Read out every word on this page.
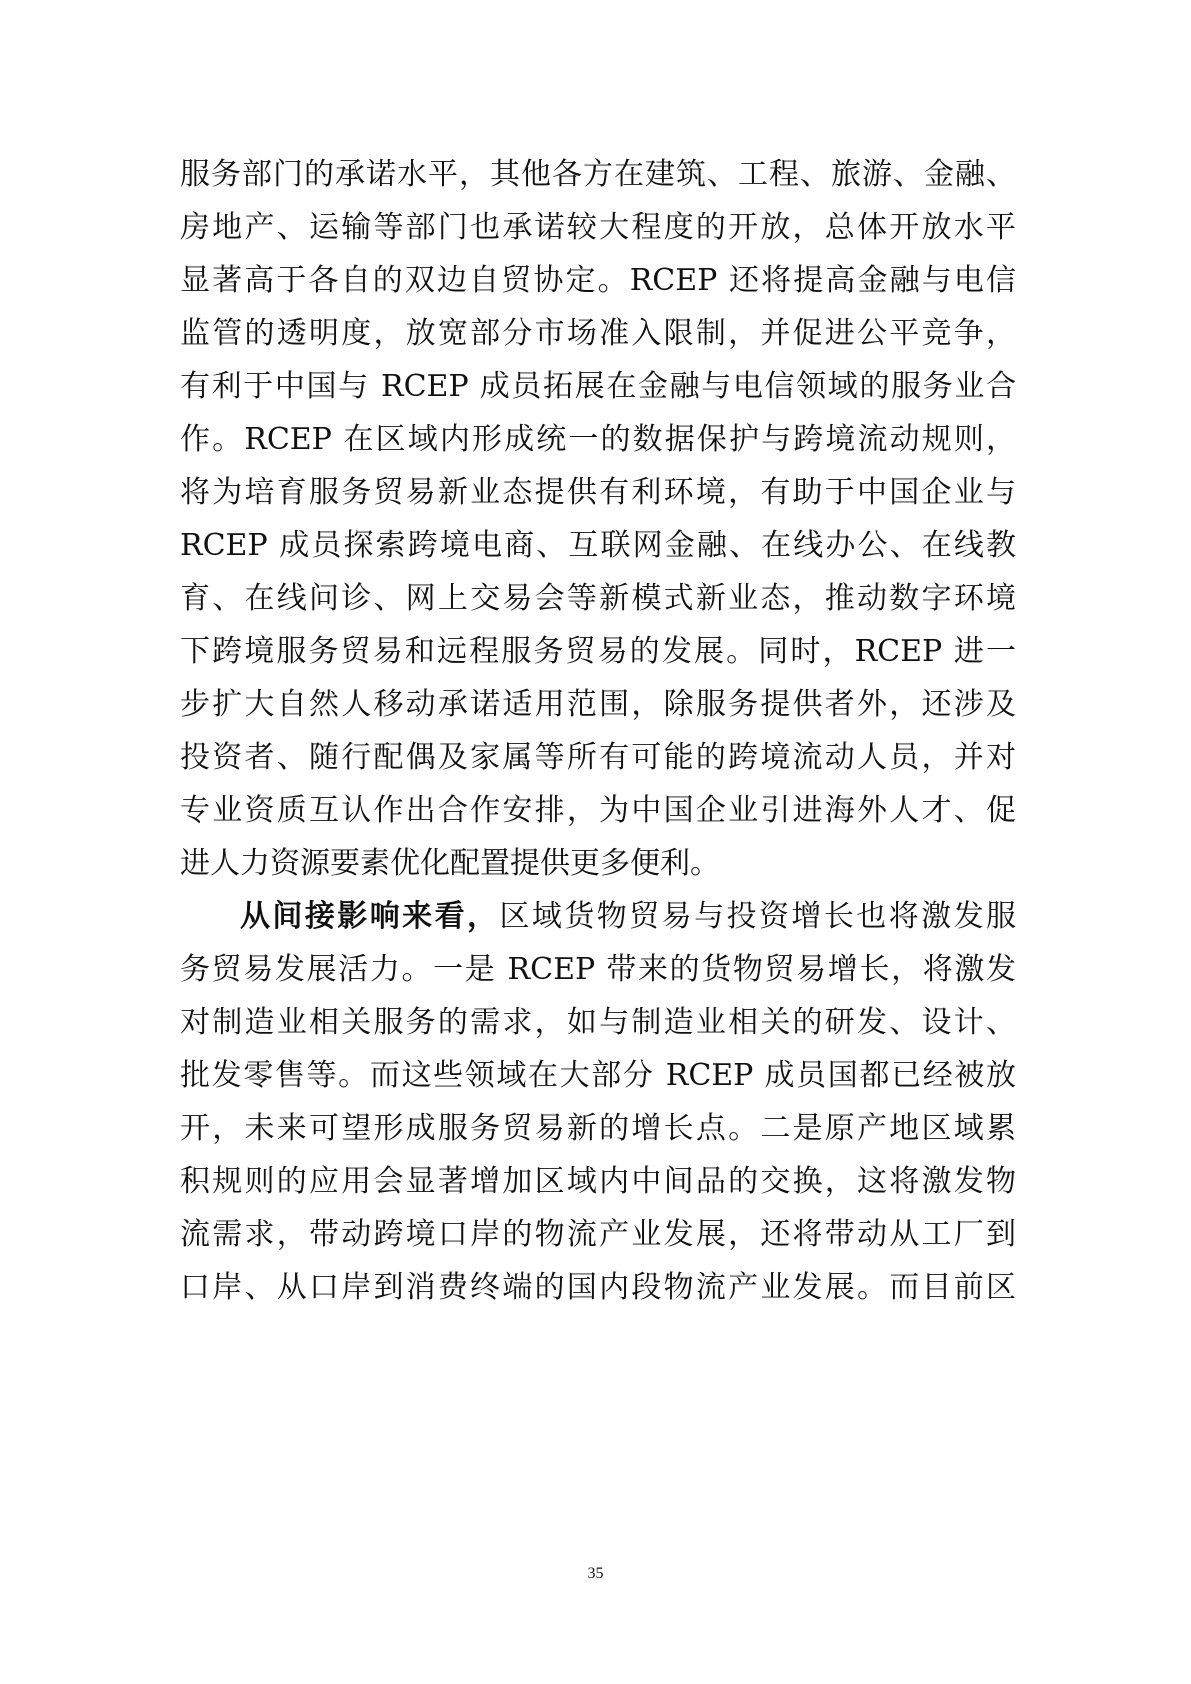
服务部门的承诺水平，其他各方在建筑、工程、旅游、金融、
房地产、运输等部门也承诺较大程度的开放，总体开放水平
显著高于各自的双边自贸协定。RCEP 还将提高金融与电信
监管的透明度，放宽部分市场准入限制，并促进公平竞争，
有利于中国与 RCEP 成员拓展在金融与电信领域的服务业合
作。RCEP 在区域内形成统一的数据保护与跨境流动规则，
将为培育服务贸易新业态提供有利环境，有助于中国企业与
RCEP 成员探索跨境电商、互联网金融、在线办公、在线教
育、在线问诊、网上交易会等新模式新业态，推动数字环境
下跨境服务贸易和远程服务贸易的发展。同时，RCEP 进一
步扩大自然人移动承诺适用范围，除服务提供者外，还涉及
投资者、随行配偶及家属等所有可能的跨境流动人员，并对
专业资质互认作出合作安排，为中国企业引进海外人才、促
进人力资源要素优化配置提供更多便利。
从间接影响来看，区域货物贸易与投资增长也将激发服
务贸易发展活力。一是 RCEP 带来的货物贸易增长，将激发
对制造业相关服务的需求，如与制造业相关的研发、设计、
批发零售等。而这些领域在大部分 RCEP 成员国都已经被放
开，未来可望形成服务贸易新的增长点。二是原产地区域累
积规则的应用会显著增加区域内中间品的交换，这将激发物
流需求，带动跨境口岸的物流产业发展，还将带动从工厂到
口岸、从口岸到消费终端的国内段物流产业发展。而目前区
35
